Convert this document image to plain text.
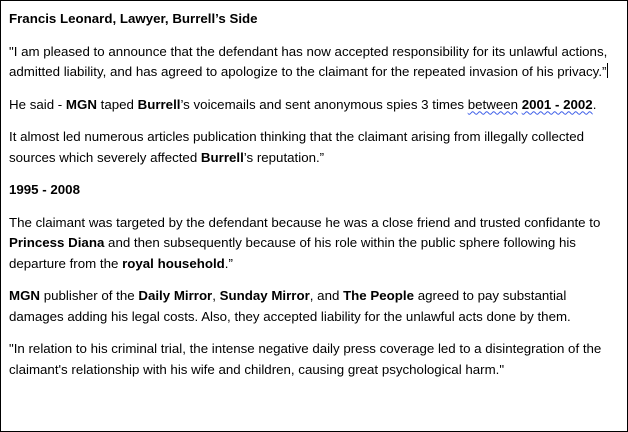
Francis Leonard, Lawyer, Burrell’s Side

"I am pleased to announce that the defendant has now accepted responsibility for its unlawful actions, admitted liability, and has agreed to apologize to the claimant for the repeated invasion of his privacy.”

He said - MGN taped Burrell’s voicemails and sent anonymous spies 3 times between 2001 - 2002.

It almost led numerous articles publication thinking that the claimant arising from illegally collected sources which severely affected Burrell’s reputation.”

1995 - 2008

The claimant was targeted by the defendant because he was a close friend and trusted confidante to Princess Diana and then subsequently because of his role within the public sphere following his departure from the royal household.”

MGN publisher of the Daily Mirror, Sunday Mirror, and The People agreed to pay substantial damages adding his legal costs. Also, they accepted liability for the unlawful acts done by them.

"In relation to his criminal trial, the intense negative daily press coverage led to a disintegration of the claimant's relationship with his wife and children, causing great psychological harm."
